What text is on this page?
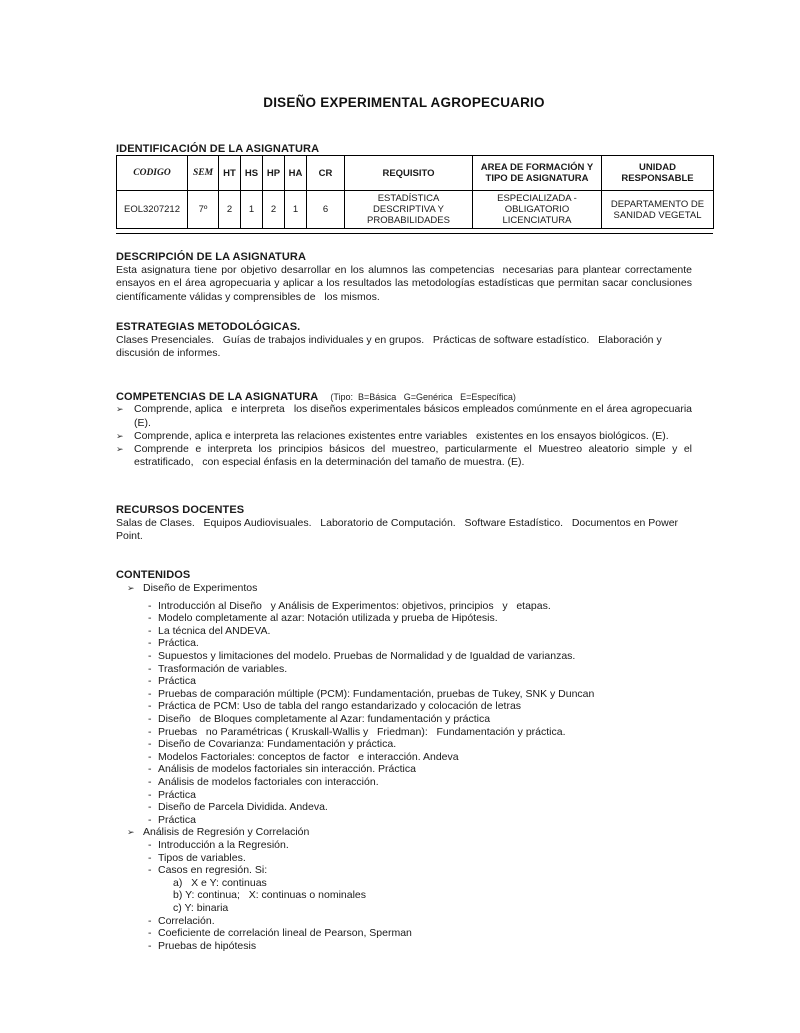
DISEÑO EXPERIMENTAL AGROPECUARIO
IDENTIFICACIÓN DE LA ASIGNATURA
CODIGO	SEM	HT	HS	HP	HA	CR	REQUISITO	AREA DE FORMACIÓN Y TIPO DE ASIGNATURA	UNIDAD RESPONSABLE
EOL3207212	7º	2	1	2	1	6	ESTADÍSTICA DESCRIPTIVA Y PROBABILIDADES	ESPECIALIZADA - OBLIGATORIO LICENCIATURA	DEPARTAMENTO DE SANIDAD VEGETAL
DESCRIPCIÓN DE LA ASIGNATURA
Esta asignatura tiene por objetivo desarrollar en los alumnos las competencias  necesarias para plantear correctamente ensayos en el área agropecuaria y aplicar a los resultados las metodologías estadísticas que permitan sacar conclusiones científicamente válidas y comprensibles de   los mismos.
ESTRATEGIAS METODOLÓGICAS.
Clases Presenciales.   Guías de trabajos individuales y en grupos.   Prácticas de software estadístico.   Elaboración y discusión de informes.
COMPETENCIAS DE LA ASIGNATURA (Tipo:  B=Básica   G=Genérica   E=Específica)
➢ Comprende, aplica   e interpreta   los diseños experimentales básicos empleados comúnmente en el área agropecuaria (E).
➢ Comprende, aplica e interpreta las relaciones existentes entre variables   existentes en los ensayos biológicos. (E).
➢ Comprende e interpreta los principios básicos del muestreo, particularmente el Muestreo aleatorio simple y el estratificado,   con especial énfasis en la determinación del tamaño de muestra. (E).
RECURSOS DOCENTES
Salas de Clases.   Equipos Audiovisuales.   Laboratorio de Computación.   Software Estadístico.   Documentos en Power Point.
CONTENIDOS
➢ Diseño de Experimentos
- Introducción al Diseño   y Análisis de Experimentos: objetivos, principios   y   etapas.
- Modelo completamente al azar: Notación utilizada y prueba de Hipótesis.
- La técnica del ANDEVA.
- Práctica.
- Supuestos y limitaciones del modelo. Pruebas de Normalidad y de Igualdad de varianzas.
- Trasformación de variables.
- Práctica
- Pruebas de comparación múltiple (PCM): Fundamentación, pruebas de Tukey, SNK y Duncan
- Práctica de PCM: Uso de tabla del rango estandarizado y colocación de letras
- Diseño   de Bloques completamente al Azar: fundamentación y práctica
- Pruebas   no Paramétricas ( Kruskall-Wallis y   Friedman):   Fundamentación y práctica.
- Diseño de Covarianza: Fundamentación y práctica.
- Modelos Factoriales: conceptos de factor   e interacción. Andeva
- Análisis de modelos factoriales sin interacción. Práctica
- Análisis de modelos factoriales con interacción.
- Práctica
- Diseño de Parcela Dividida. Andeva.
- Práctica
➢ Análisis de Regresión y Correlación
- Introducción a la Regresión.
- Tipos de variables.
- Casos en regresión. Si:
a)   X e Y: continuas
b) Y: continua;   X: continuas o nominales
c) Y: binaria
- Correlación.
- Coeficiente de correlación lineal de Pearson, Sperman
- Pruebas de hipótesis
